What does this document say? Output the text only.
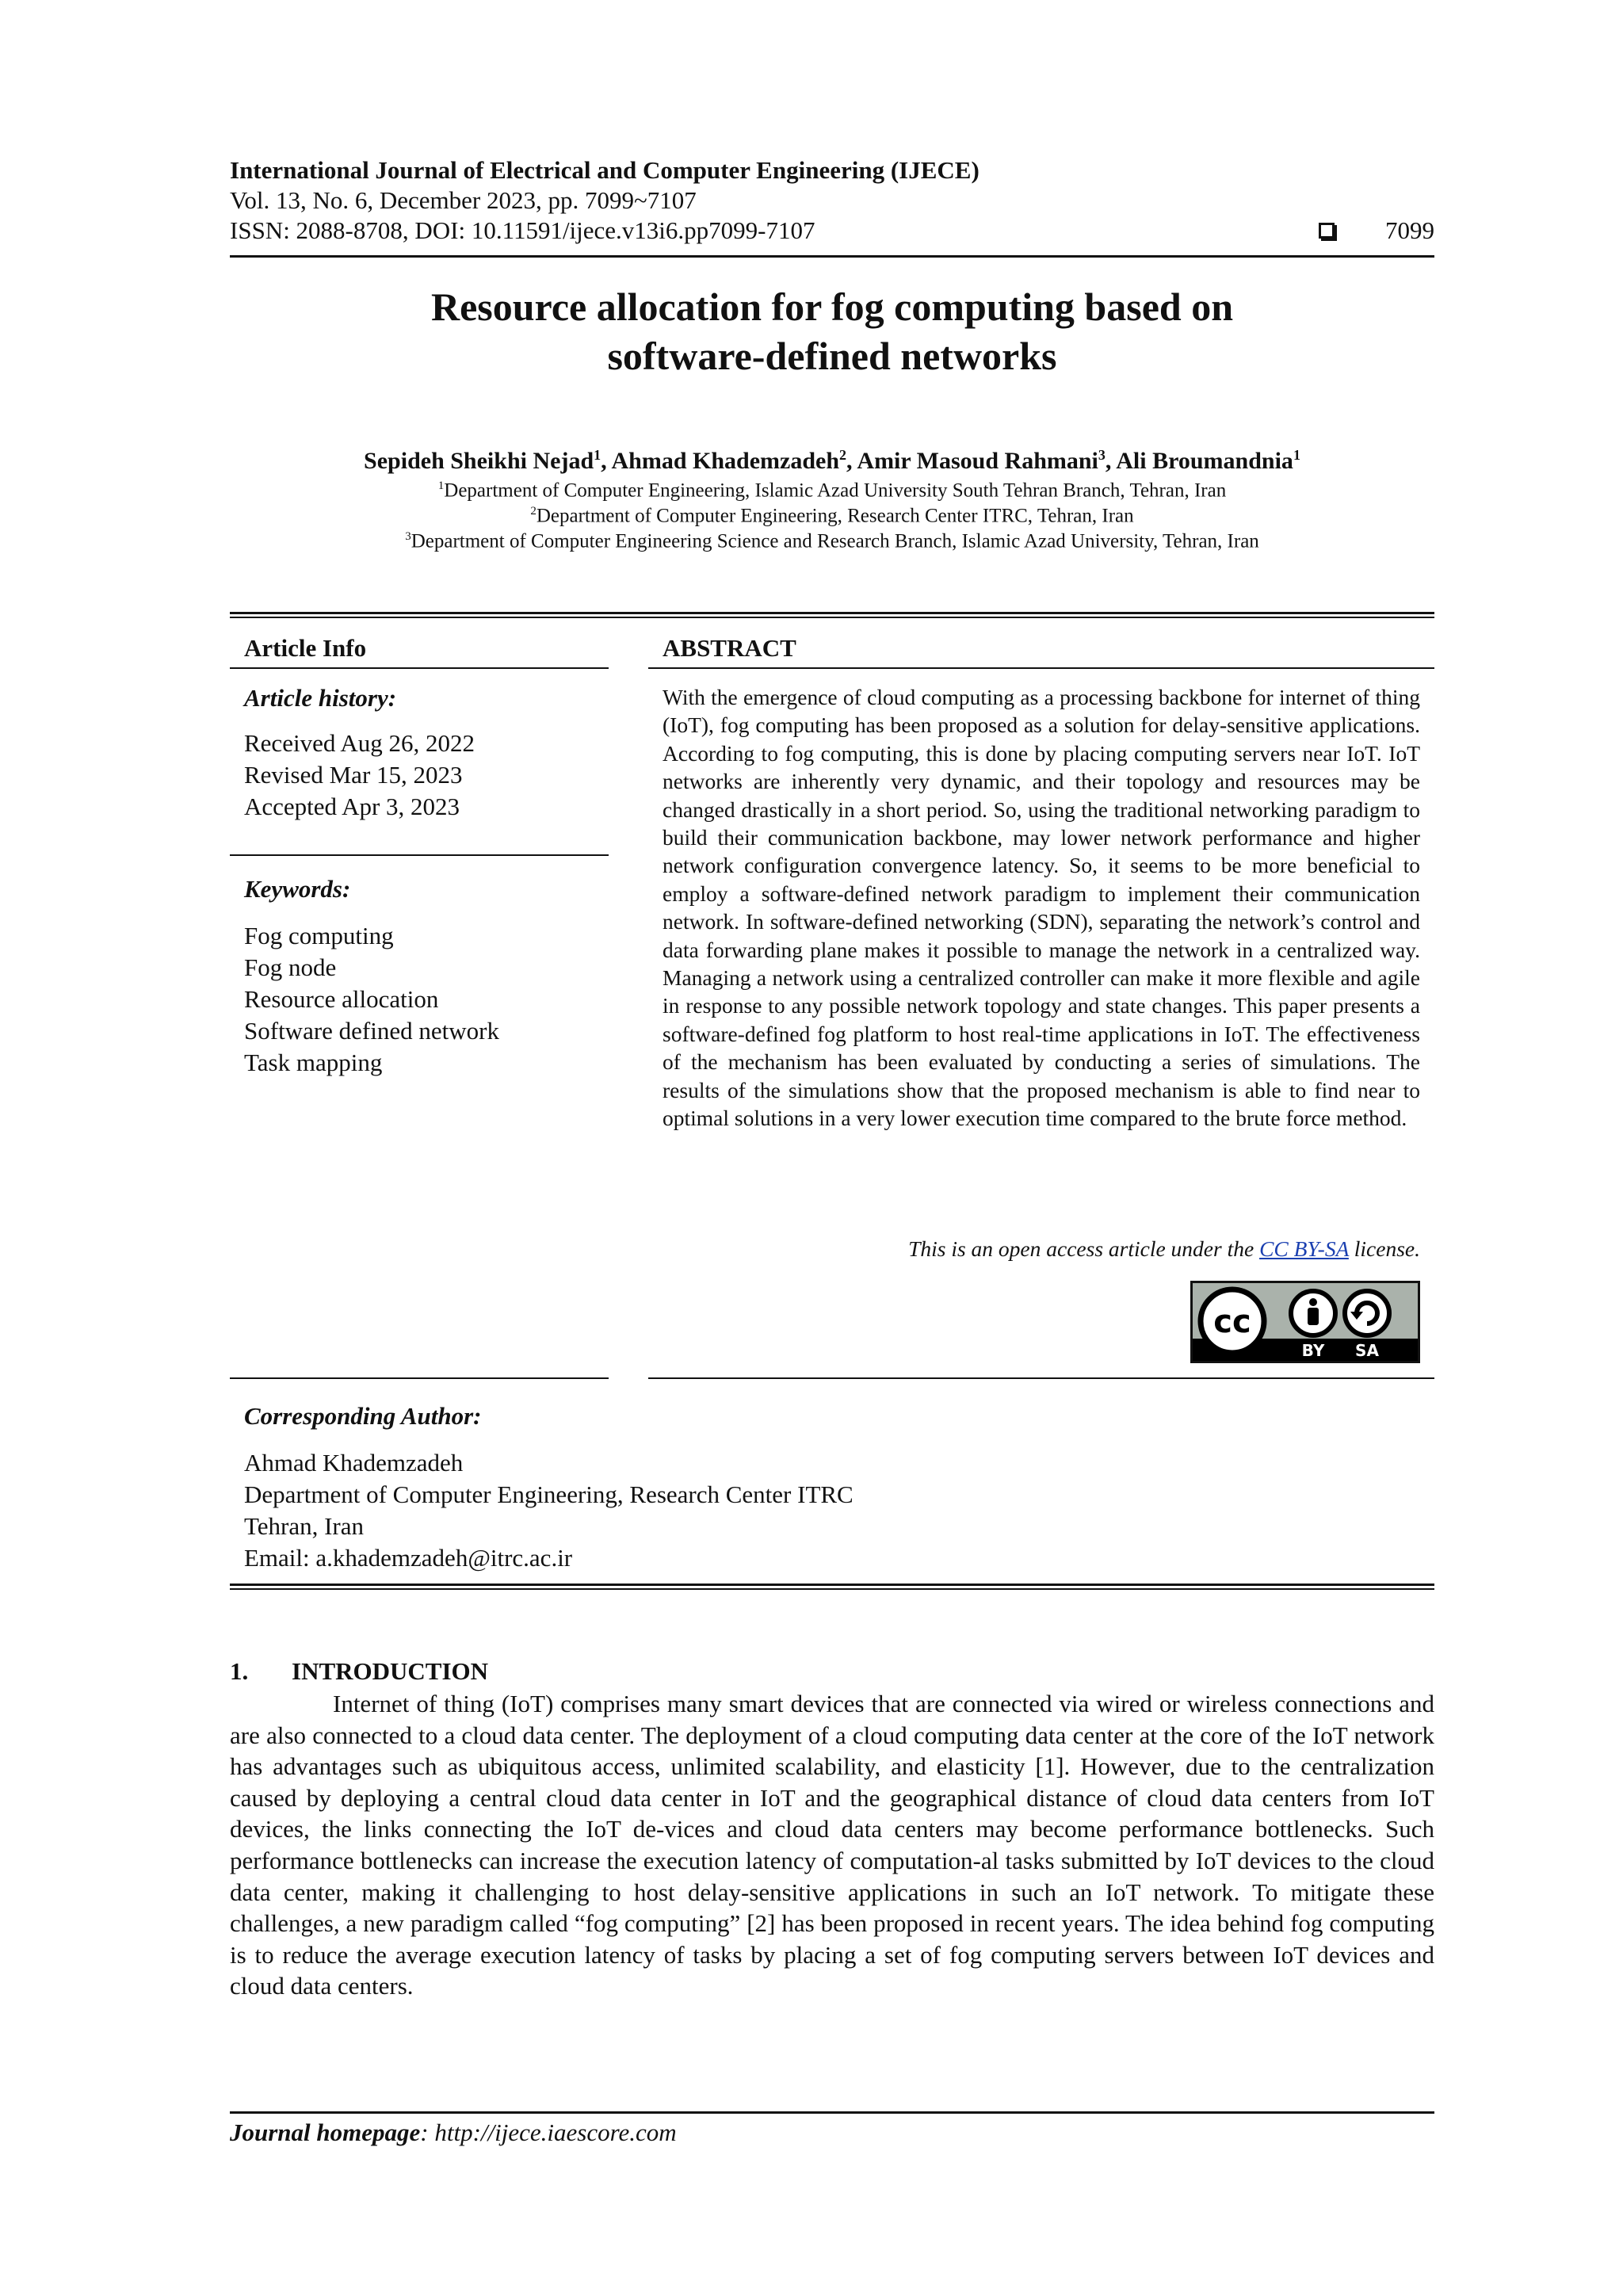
International Journal of Electrical and Computer Engineering (IJECE)
Vol. 13, No. 6, December 2023, pp. 7099~7107
ISSN: 2088-8708, DOI: 10.11591/ijece.v13i6.pp7099-7107	7099
Resource allocation for fog computing based on
software-defined networks
Sepideh Sheikhi Nejad$^1$, Ahmad Khademzadeh$^2$, Amir Masoud Rahmani$^3$, Ali Broumandnia$^1$
$^1$Department of Computer Engineering, Islamic Azad University South Tehran Branch, Tehran, Iran
$^2$Department of Computer Engineering, Research Center ITRC, Tehran, Iran
$^3$Department of Computer Engineering Science and Research Branch, Islamic Azad University, Tehran, Iran
Article Info
Article history:
Received Aug 26, 2022
Revised Mar 15, 2023
Accepted Apr 3, 2023
Keywords:
Fog computing
Fog node
Resource allocation
Software defined network
Task mapping
ABSTRACT
With the emergence of cloud computing as a processing backbone for internet of thing (IoT), fog computing has been proposed as a solution for delay-sensitive applications. According to fog computing, this is done by placing computing servers near IoT. IoT networks are inherently very dynamic, and their topology and resources may be changed drastically in a short period. So, using the traditional networking paradigm to build their communication backbone, may lower network performance and higher network configuration convergence latency. So, it seems to be more beneficial to employ a software-defined network paradigm to implement their communication network. In software-defined networking (SDN), separating the network’s control and data forwarding plane makes it possible to manage the network in a centralized way. Managing a network using a centralized controller can make it more flexible and agile in response to any possible network topology and state changes. This paper presents a software-defined fog platform to host real-time applications in IoT. The effectiveness of the mechanism has been evaluated by conducting a series of simulations. The results of the simulations show that the proposed mechanism is able to find near to optimal solutions in a very lower execution time compared to the brute force method.
This is an open access article under the CC BY-SA license.
cc
BY SA
Corresponding Author:
Ahmad Khademzadeh
Department of Computer Engineering, Research Center ITRC
Tehran, Iran
Email: a.khademzadeh@itrc.ac.ir
1. INTRODUCTION
Internet of thing (IoT) comprises many smart devices that are connected via wired or wireless connections and are also connected to a cloud data center. The deployment of a cloud computing data center at the core of the IoT network has advantages such as ubiquitous access, unlimited scalability, and elasticity [1]. However, due to the centralization caused by deploying a central cloud data center in IoT and the geographical distance of cloud data centers from IoT devices, the links connecting the IoT de-vices and cloud data centers may become performance bottlenecks. Such performance bottlenecks can increase the execution latency of computation-al tasks submitted by IoT devices to the cloud data center, making it challenging to host delay-sensitive applications in such an IoT network. To mitigate these challenges, a new paradigm called “fog computing” [2] has been proposed in recent years. The idea behind fog computing is to reduce the average execution latency of tasks by placing a set of fog computing servers between IoT devices and cloud data centers.
Journal homepage: http://ijece.iaescore.com
